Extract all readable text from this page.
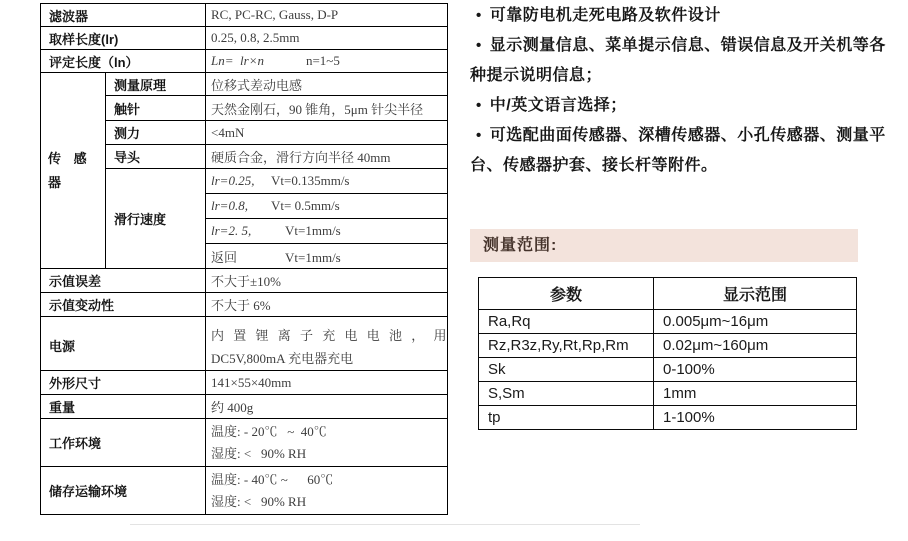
滤波器		RC, PC-RC, Gauss, D-P
取样长度(lr)		0.25, 0.8, 2.5mm
评定长度（ln）		Ln=  lr×n n=1~5
传 感 器	测量原理	位移式差动电感
	触针	天然金刚石，90 锥角，5μm 针尖半径
	测力	<4mN
	导头	硬质合金，滑行方向半径 40mm
	滑行速度	lr=0.25, Vt=0.135mm/s
		lr=0.8, Vt= 0.5mm/s
		lr=2. 5, Vt=1mm/s
		返回 Vt=1mm/s
示值误差		不大于±10%
示值变动性		不大于 6%
电源		内 置 锂 离 子 充 电 电 池 ， 用
DC5V,800mA 充电器充电

外形尺寸		141×55×40mm
重量		约 400g
工作环境		温度: - 20℃   ~  40℃
湿度: <   90% RH

储存运输环境		温度: - 40℃ ~      60℃
湿度: <   90% RH

• 可靠防电机走死电路及软件设计

• 显示测量信息、菜单提示信息、错误信息及开关机等各种提示说明信息；

• 中/英文语言选择；

• 可选配曲面传感器、深槽传感器、小孔传感器、测量平台、传感器护套、接长杆等附件。

测量范围:
参数	显示范围
Ra,Rq	0.005μm~16μm
Rz,R3z,Ry,Rt,Rp,Rm	0.02μm~160μm
Sk	0-100%
S,Sm	1mm
tp	1-100%
